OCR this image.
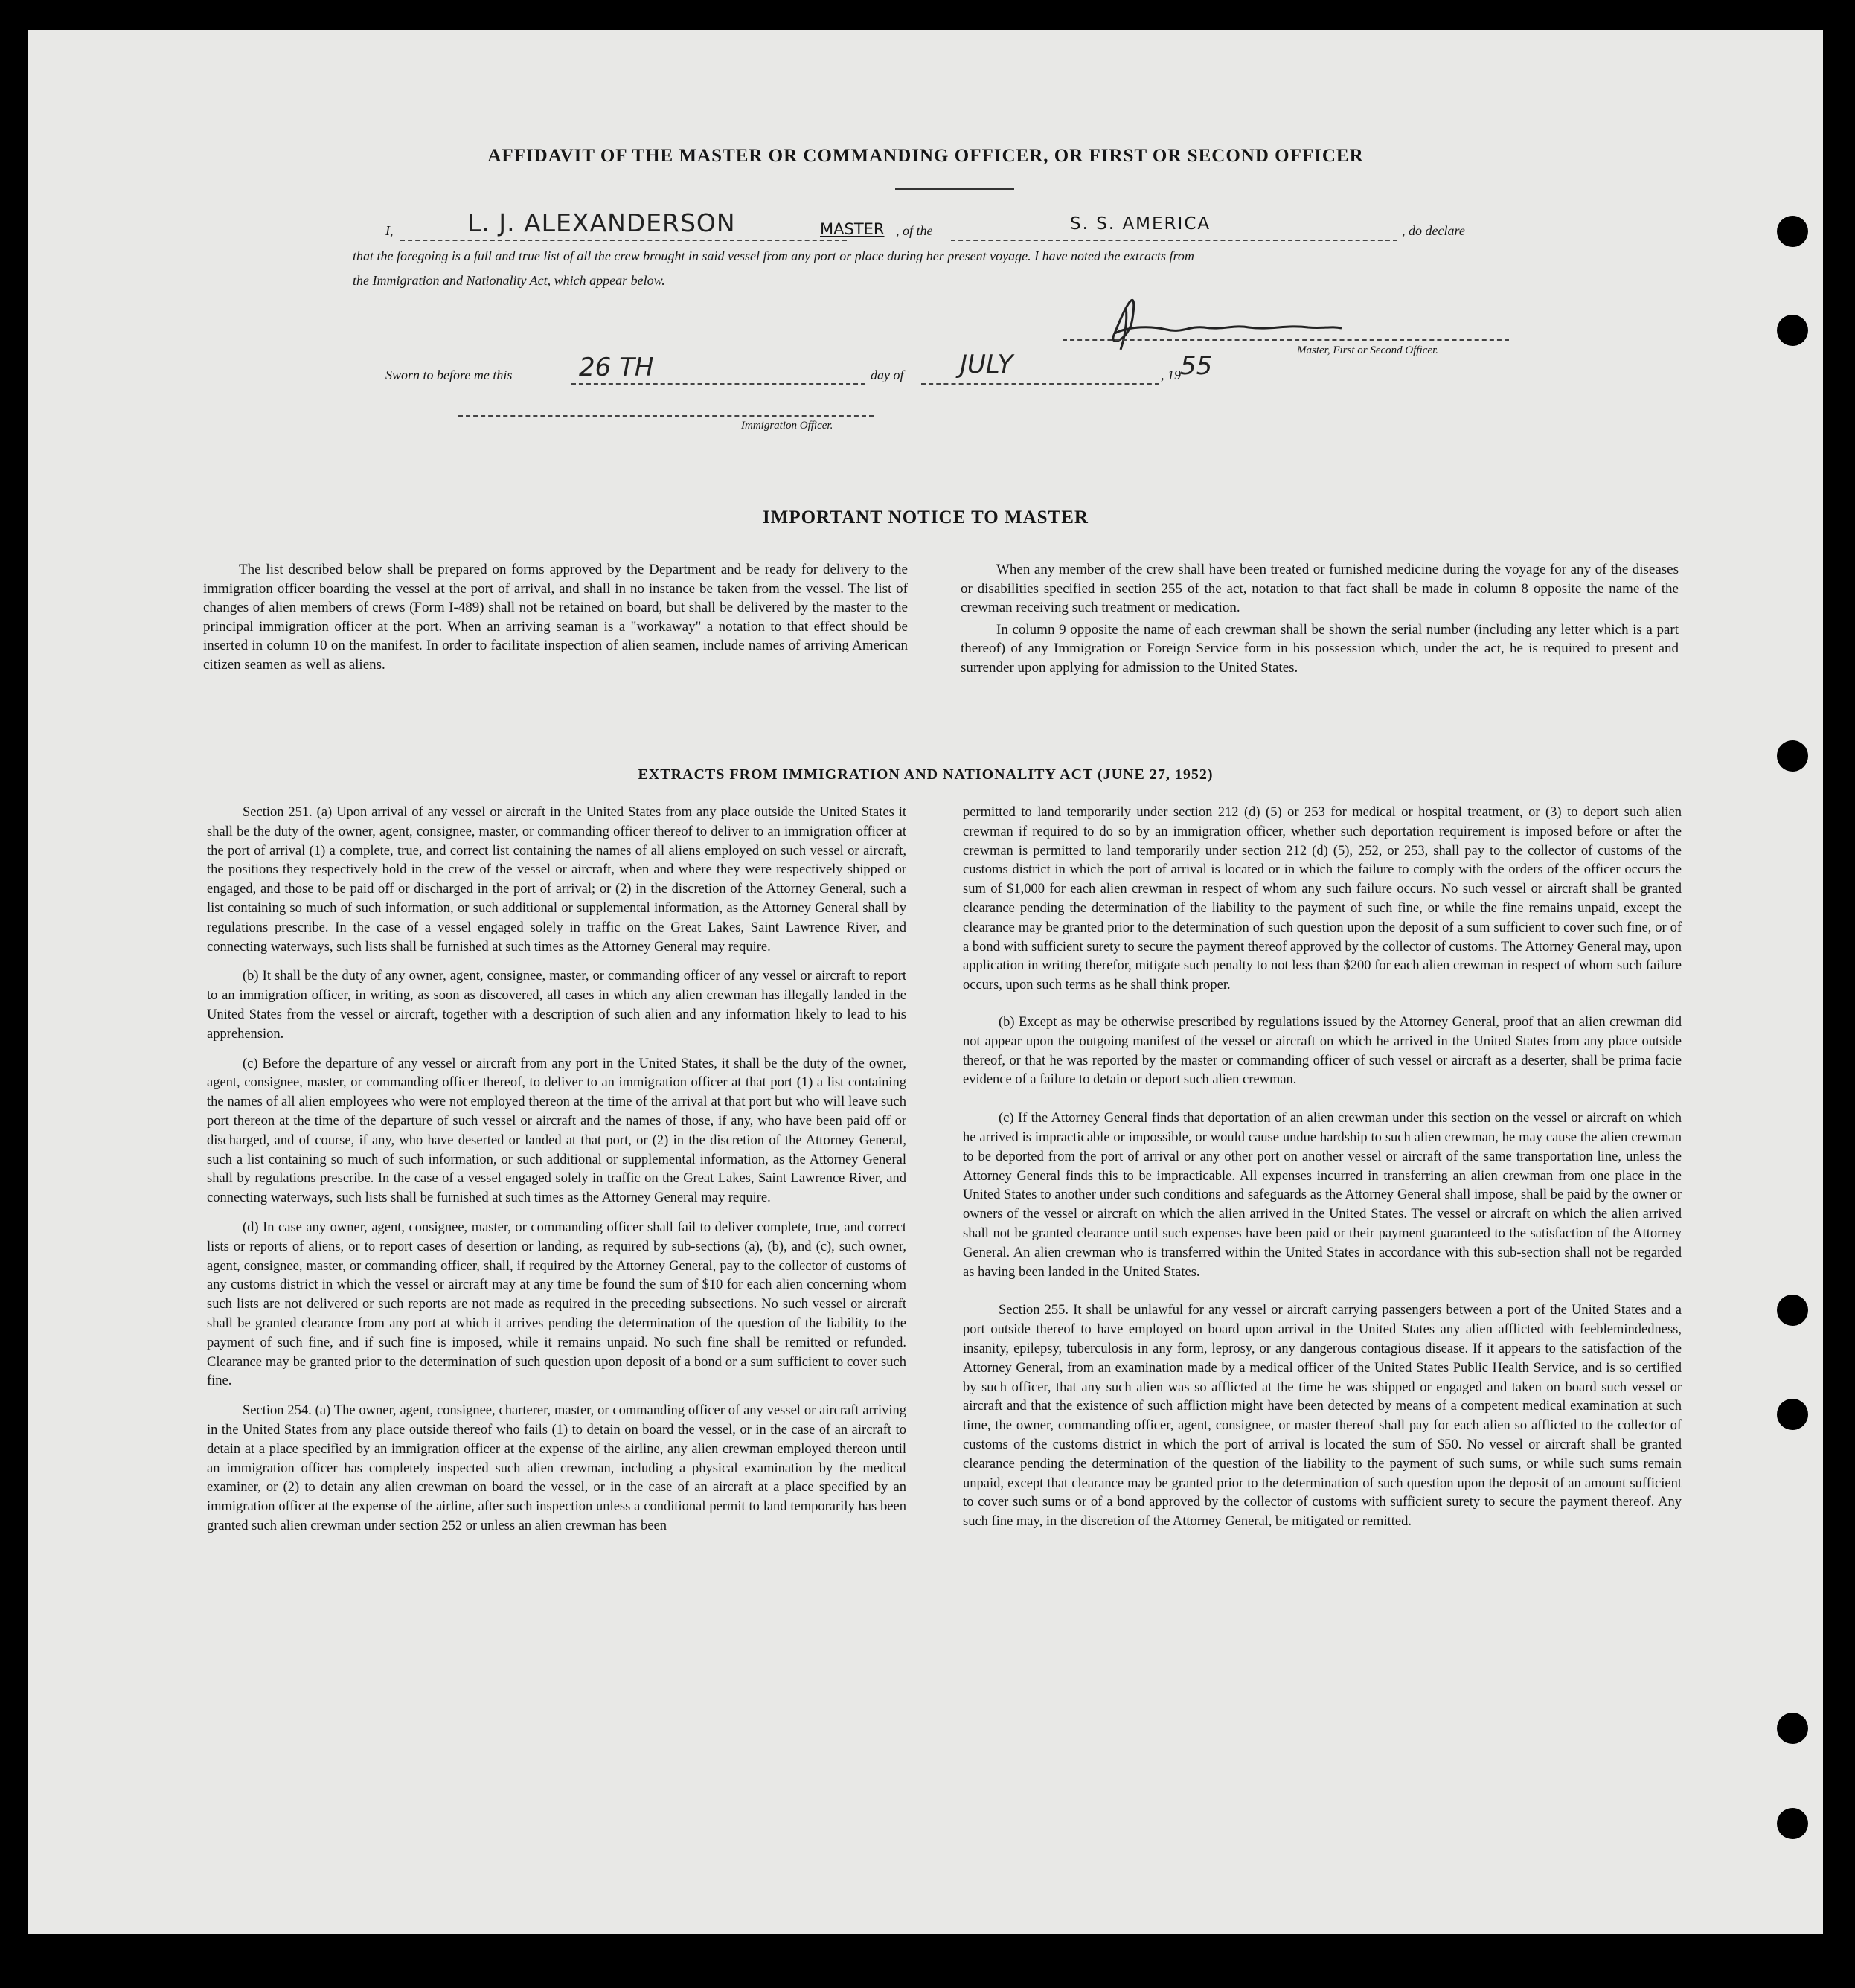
AFFIDAVIT OF THE MASTER OR COMMANDING OFFICER, OR FIRST OR SECOND OFFICER
I,	L. J. ALEXANDERSON	MASTER , of the	S. S. AMERICA	, do declare
that the foregoing is a full and true list of all the crew brought in said vessel from any port or place during her present voyage. I have noted the extracts from
the Immigration and Nationality Act, which appear below.
Master, First or Second Officer.
Sworn to before me this	26 TH	day of JULY	, 19 55
Immigration Officer.
IMPORTANT NOTICE TO MASTER

The list described below shall be prepared on forms approved by the Department and be ready for delivery to the immigration officer boarding the vessel at the port of arrival, and shall in no instance be taken from the vessel. The list of changes of alien members of crews (Form I-489) shall not be retained on board, but shall be delivered by the master to the principal immigration officer at the port. When an arriving seaman is a "workaway" a notation to that effect should be inserted in column 10 on the manifest. In order to facilitate inspection of alien seamen, include names of arriving American citizen seamen as well as aliens.

When any member of the crew shall have been treated or furnished medicine during the voyage for any of the diseases or disabilities specified in section 255 of the act, notation to that fact shall be made in column 8 opposite the name of the crewman receiving such treatment or medication.

In column 9 opposite the name of each crewman shall be shown the serial number (including any letter which is a part thereof) of any Immigration or Foreign Service form in his possession which, under the act, he is required to present and surrender upon applying for admission to the United States.

EXTRACTS FROM IMMIGRATION AND NATIONALITY ACT (JUNE 27, 1952)

Section 251. (a) Upon arrival of any vessel or aircraft in the United States from any place outside the United States it shall be the duty of the owner, agent, consignee, master, or commanding officer thereof to deliver to an immigration officer at the port of arrival (1) a complete, true, and correct list containing the names of all aliens employed on such vessel or aircraft, the positions they respectively hold in the crew of the vessel or aircraft, when and where they were respectively shipped or engaged, and those to be paid off or discharged in the port of arrival; or (2) in the discretion of the Attorney General, such a list containing so much of such information, or such additional or supplemental information, as the Attorney General shall by regulations prescribe. In the case of a vessel engaged solely in traffic on the Great Lakes, Saint Lawrence River, and connecting waterways, such lists shall be furnished at such times as the Attorney General may require.

(b) It shall be the duty of any owner, agent, consignee, master, or commanding officer of any vessel or aircraft to report to an immigration officer, in writing, as soon as discovered, all cases in which any alien crewman has illegally landed in the United States from the vessel or aircraft, together with a description of such alien and any information likely to lead to his apprehension.

(c) Before the departure of any vessel or aircraft from any port in the United States, it shall be the duty of the owner, agent, consignee, master, or commanding officer thereof, to deliver to an immigration officer at that port (1) a list containing the names of all alien employees who were not employed thereon at the time of the arrival at that port but who will leave such port thereon at the time of the departure of such vessel or aircraft and the names of those, if any, who have been paid off or discharged, and of course, if any, who have deserted or landed at that port, or (2) in the discretion of the Attorney General, such a list containing so much of such information, or such additional or supplemental information, as the Attorney General shall by regulations prescribe. In the case of a vessel engaged solely in traffic on the Great Lakes, Saint Lawrence River, and connecting waterways, such lists shall be furnished at such times as the Attorney General may require.

(d) In case any owner, agent, consignee, master, or commanding officer shall fail to deliver complete, true, and correct lists or reports of aliens, or to report cases of desertion or landing, as required by sub-sections (a), (b), and (c), such owner, agent, consignee, master, or commanding officer, shall, if required by the Attorney General, pay to the collector of customs of any customs district in which the vessel or aircraft may at any time be found the sum of $10 for each alien concerning whom such lists are not delivered or such reports are not made as required in the preceding subsections. No such vessel or aircraft shall be granted clearance from any port at which it arrives pending the determination of the question of the liability to the payment of such fine, and if such fine is imposed, while it remains unpaid. No such fine shall be remitted or refunded. Clearance may be granted prior to the determination of such question upon deposit of a bond or a sum sufficient to cover such fine.

Section 254. (a) The owner, agent, consignee, charterer, master, or commanding officer of any vessel or aircraft arriving in the United States from any place outside thereof who fails (1) to detain on board the vessel, or in the case of an aircraft to detain at a place specified by an immigration officer at the expense of the airline, any alien crewman employed thereon until an immigration officer has completely inspected such alien crewman, including a physical examination by the medical examiner, or (2) to detain any alien crewman on board the vessel, or in the case of an aircraft at a place specified by an immigration officer at the expense of the airline, after such inspection unless a conditional permit to land temporarily has been granted such alien crewman under section 252 or unless an alien crewman has been

permitted to land temporarily under section 212 (d) (5) or 253 for medical or hospital treatment, or (3) to deport such alien crewman if required to do so by an immigration officer, whether such deportation requirement is imposed before or after the crewman is permitted to land temporarily under section 212 (d) (5), 252, or 253, shall pay to the collector of customs of the customs district in which the port of arrival is located or in which the failure to comply with the orders of the officer occurs the sum of $1,000 for each alien crewman in respect of whom any such failure occurs. No such vessel or aircraft shall be granted clearance pending the determination of the liability to the payment of such fine, or while the fine remains unpaid, except the clearance may be granted prior to the determination of such question upon the deposit of a sum sufficient to cover such fine, or of a bond with sufficient surety to secure the payment thereof approved by the collector of customs. The Attorney General may, upon application in writing therefor, mitigate such penalty to not less than $200 for each alien crewman in respect of whom such failure occurs, upon such terms as he shall think proper.

(b) Except as may be otherwise prescribed by regulations issued by the Attorney General, proof that an alien crewman did not appear upon the outgoing manifest of the vessel or aircraft on which he arrived in the United States from any place outside thereof, or that he was reported by the master or commanding officer of such vessel or aircraft as a deserter, shall be prima facie evidence of a failure to detain or deport such alien crewman.

(c) If the Attorney General finds that deportation of an alien crewman under this section on the vessel or aircraft on which he arrived is impracticable or impossible, or would cause undue hardship to such alien crewman, he may cause the alien crewman to be deported from the port of arrival or any other port on another vessel or aircraft of the same transportation line, unless the Attorney General finds this to be impracticable. All expenses incurred in transferring an alien crewman from one place in the United States to another under such conditions and safeguards as the Attorney General shall impose, shall be paid by the owner or owners of the vessel or aircraft on which the alien arrived in the United States. The vessel or aircraft on which the alien arrived shall not be granted clearance until such expenses have been paid or their payment guaranteed to the satisfaction of the Attorney General. An alien crewman who is transferred within the United States in accordance with this sub-section shall not be regarded as having been landed in the United States.

Section 255. It shall be unlawful for any vessel or aircraft carrying passengers between a port of the United States and a port outside thereof to have employed on board upon arrival in the United States any alien afflicted with feeblemindedness, insanity, epilepsy, tuberculosis in any form, leprosy, or any dangerous contagious disease. If it appears to the satisfaction of the Attorney General, from an examination made by a medical officer of the United States Public Health Service, and is so certified by such officer, that any such alien was so afflicted at the time he was shipped or engaged and taken on board such vessel or aircraft and that the existence of such affliction might have been detected by means of a competent medical examination at such time, the owner, commanding officer, agent, consignee, or master thereof shall pay for each alien so afflicted to the collector of customs of the customs district in which the port of arrival is located the sum of $50. No vessel or aircraft shall be granted clearance pending the determination of the question of the liability to the payment of such sums, or while such sums remain unpaid, except that clearance may be granted prior to the determination of such question upon the deposit of an amount sufficient to cover such sums or of a bond approved by the collector of customs with sufficient surety to secure the payment thereof. Any such fine may, in the discretion of the Attorney General, be mitigated or remitted.
